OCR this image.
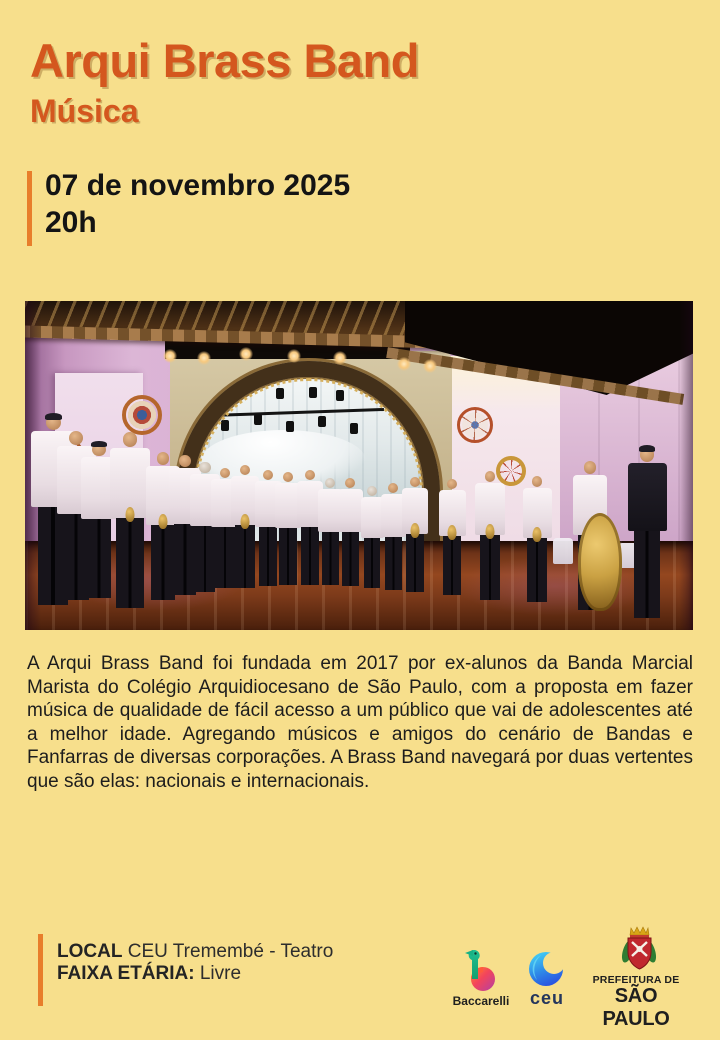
Arqui Brass Band
Música
07 de novembro 2025
20h

A Arqui Brass Band foi fundada em 2017 por ex-alunos da Banda Marcial Marista do Colégio Arquidiocesano de São Paulo, com a proposta em fazer música de qualidade de fácil acesso a um público que vai de adolescentes até a melhor idade. Agregando músicos e amigos do cenário de Bandas e Fanfarras de diversas corporações. A Brass Band navegará por duas vertentes que são elas: nacionais e internacionais.

LOCAL CEU Tremembé - Teatro
FAIXA ETÁRIA: Livre
Baccarelli	ceu
PREFEITURA DE
SÃO PAULO
